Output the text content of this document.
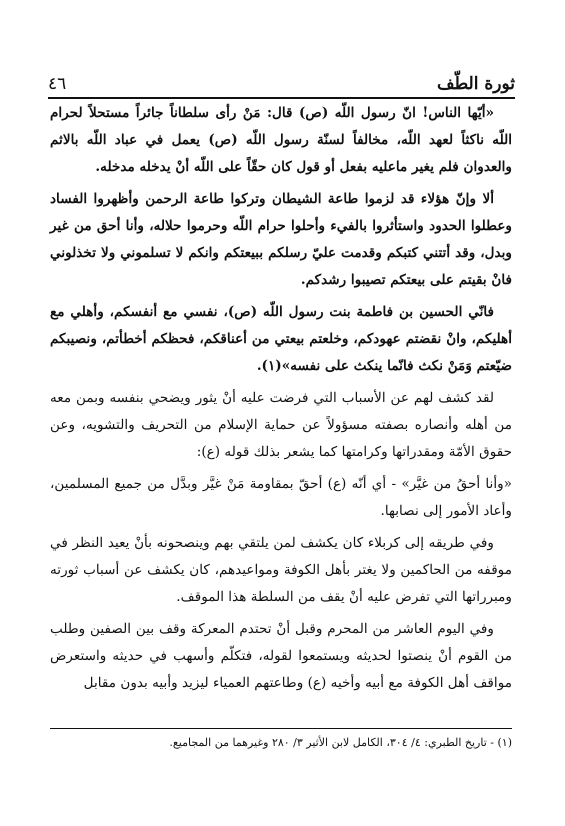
٤٦	ثورة الطّف

«أيّها الناس! انّ رسول اللّه (ص) قال: مَنْ رأى سلطاناً جائراً مستحلاً لحرام اللّه ناكثاً لعهد اللّه، مخالفاً لسنّة رسول اللّه (ص) يعمل في عباد اللّه بالاثم والعدوان فلم يغير ماعليه بفعل أو قول كان حقّاً على اللّه أنْ يدخله مدخله.

ألا وإنّ هؤلاء قد لزموا طاعة الشيطان وتركوا طاعة الرحمن وأظهروا الفساد وعطلوا الحدود واستأثروا بالفيء وأحلوا حرام اللّه وحرموا حلاله، وأنا أحق من غير وبدل، وقد أتتني كتبكم وقدمت عليّ رسلكم ببيعتكم وانكم لا تسلموني ولا تخذلوني فانْ بقيتم على بيعتكم تصيبوا رشدكم.

فانّي الحسين بن فاطمة بنت رسول اللّه (ص)، نفسي مع أنفسكم، وأهلي مع أهليكم، وانْ نقضتم عهودكم، وخلعتم بيعتي من أعناقكم، فحظكم أخطأتم، ونصيبكم ضيّعتم وَمَنْ نكث فانّما ينكث على نفسه»(١).

لقد كشف لهم عن الأسباب التي فرضت عليه أنْ يثور ويضحي بنفسه وبمن معه من أهله وأنصاره بصفته مسؤولاً عن حماية الإسلام من التحريف والتشويه، وعن حقوق الأمّة ومقدراتها وكرامتها كما يشعر بذلك قوله (ع):

«وأنا أحقُ من غيَّر» - أي أنّه (ع) أحقّ بمقاومة مَنْ غيَّر وبدَّل من جميع المسلمين، وأعاد الأمور إلى نصابها.

وفي طريقه إلى كربلاء كان يكشف لمن يلتقي بهم وينصحونه بأنْ يعيد النظر في موقفه من الحاكمين ولا يغتر بأهل الكوفة ومواعيدهم، كان يكشف عن أسباب ثورته ومبرراتها التي تفرض عليه أنْ يقف من السلطة هذا الموقف.

وفي اليوم العاشر من المحرم وقبل أنْ تحتدم المعركة وقف بين الصفين وطلب من القوم أنْ ينصتوا لحديثه ويستمعوا لقوله، فتكلّم وأسهب في حديثه واستعرض مواقف أهل الكوفة مع أبيه وأخيه (ع) وطاعتهم العمياء ليزيد وأبيه بدون مقابل

(١) - تاريخ الطبري: ٤/ ٣٠٤، الكامل لابن الأثير ٣/ ٢٨٠ وغيرهما من المجاميع.
